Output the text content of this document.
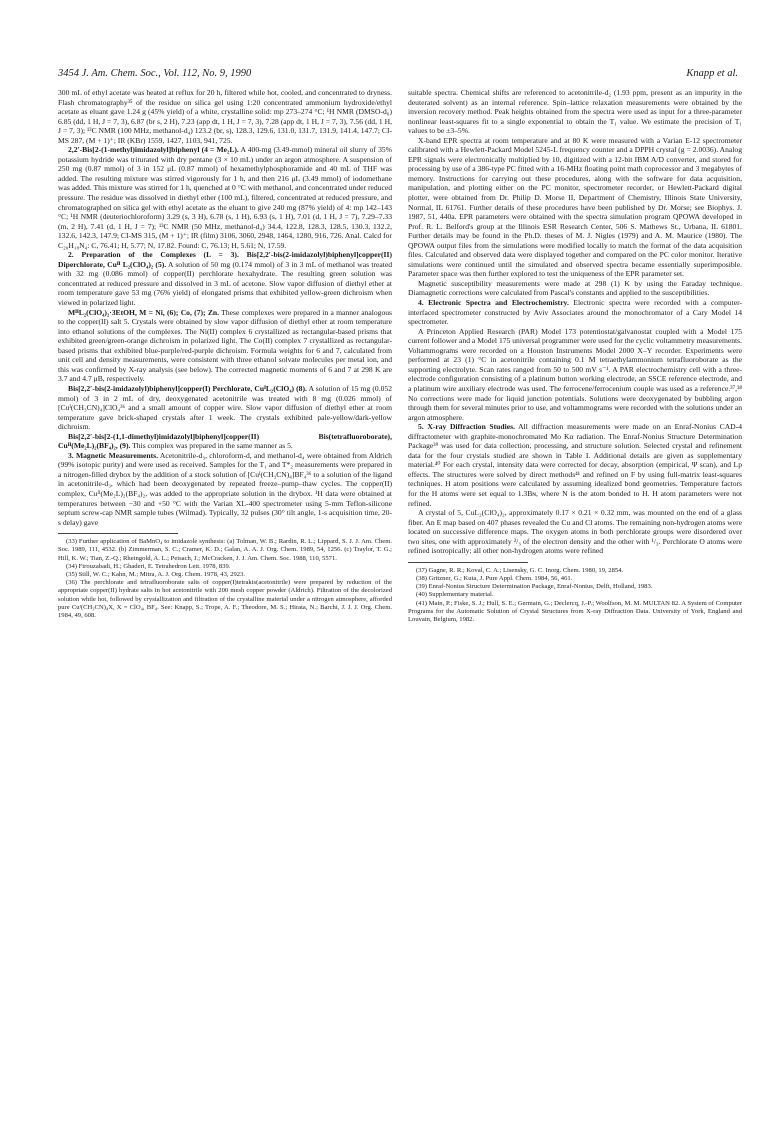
3454 J. Am. Chem. Soc., Vol. 112, No. 9, 1990	Knapp et al.

300 mL of ethyl acetate was heated at reflux for 20 h, filtered while hot, cooled, and concentrated to dryness. Flash chromatography³⁵ of the residue on silica gel using 1:20 concentrated ammonium hydroxide/ethyl acetate as eluant gave 1.24 g (45% yield) of a white, crystalline solid: mp 273–274 °C; ¹H NMR (DMSO-d₆) 6.85 (dd, 1 H, J = 7, 3), 6.87 (br s, 2 H), 7.23 (app dt, 1 H, J = 7, 3), 7.28 (app dt, 1 H, J = 7, 3), 7.56 (dd, 1 H, J = 7, 3); ¹³C NMR (100 MHz, methanol-d₄) 123.2 (br, s), 128.3, 129.6, 131.0, 131.7, 131.9, 141.4, 147.7; CI-MS 287, (M + 1)⁺; IR (KBr) 1559, 1427, 1103, 941, 725.

2,2′-Bis[2-(1-methyl)imidazolyl]biphenyl (4 = Me₂L). A 400-mg (3.49-mmol) mineral oil slurry of 35% potassium hydride was triturated with dry pentane (3 × 10 mL) under an argon atmosphere. A suspension of 250 mg (0.87 mmol) of 3 in 152 μL (0.87 mmol) of hexamethylphosphoramide and 40 mL of THF was added. The resulting mixture was stirred vigorously for 1 h, and then 216 μL (3.49 mmol) of iodomethane was added. This mixture was stirred for 1 h, quenched at 0 °C with methanol, and concentrated under reduced pressure. The residue was dissolved in diethyl ether (100 mL), filtered, concentrated at reduced pressure, and chromatographed on silica gel with ethyl acetate as the eluant to give 240 mg (87% yield) of 4: mp 142–143 °C; ¹H NMR (deuteriochloroform) 3.29 (s, 3 H), 6.78 (s, 1 H), 6.93 (s, 1 H), 7.01 (d, 1 H, J = 7), 7.29–7.33 (m, 2 H), 7.41 (d, 1 H, J = 7); ¹³C NMR (50 MHz, methanol-d₄) 34.4, 122.8, 128.3, 128.5, 130.3, 132.2, 132.6, 142.3, 147.9; CI-MS 315, (M + 1)⁺; IR (film) 3106, 3060, 2948, 1464, 1280, 916, 726. Anal. Calcd for C₂₀H₁₈N₄: C, 76.41; H, 5.77; N, 17.82. Found: C, 76.13; H, 5.61; N, 17.59.

2. Preparation of the Complexes (L = 3). Bis[2,2′-bis(2-imidazolyl)biphenyl]copper(II) Diperchlorate, Cuᴵᴵ L₂(ClO₄)₂ (5). A solution of 50 mg (0.174 mmol) of 3 in 3 mL of methanol was treated with 32 mg (0.086 mmol) of copper(II) perchlorate hexahydrate. The resulting green solution was concentrated at reduced pressure and dissolved in 3 mL of acetone. Slow vapor diffusion of diethyl ether at room temperature gave 53 mg (76% yield) of elongated prisms that exhibited yellow-green dichroism when viewed in polarized light.

MᴵᴵL₂(ClO₄)₂·3EtOH, M = Ni, (6); Co, (7); Zn. These complexes were prepared in a manner analogous to the copper(II) salt 5. Crystals were obtained by slow vapor diffusion of diethyl ether at room temperature into ethanol solutions of the complexes. The Ni(II) complex 6 crystallized as rectangular-based prisms that exhibited green/green-orange dichroism in polarized light. The Co(II) complex 7 crystallized as rectangular-based prisms that exhibited blue-purple/red-purple dichroism. Formula weights for 6 and 7, calculated from unit cell and density measurements, were consistent with three ethanol solvate molecules per metal ion, and this was confirmed by X-ray analysis (see below). The corrected magnetic moments of 6 and 7 at 298 K are 3.7 and 4.7 μB, respectively.

Bis[2,2′-bis(2-imidazolyl)biphenyl]copper(I) Perchlorate, CuᴵL₂(ClO₄) (8). A solution of 15 mg (0.052 mmol) of 3 in 2 mL of dry, deoxygenated acetonitrile was treated with 8 mg (0.026 mmol) of [Cuᴵ(CH₃CN)₄]ClO₄³⁶ and a small amount of copper wire. Slow vapor diffusion of diethyl ether at room temperature gave brick-shaped crystals after 1 week. The crystals exhibited pale-yellow/dark-yellow dichroism.

Bis[2,2′-bis[2-(1,1-dimethyl)imidazolyl]biphenyl]copper(II) Bis(tetrafluoroborate), Cuᴵᴵ(Me₂L)₂(BF₄)₂, (9). This complex was prepared in the same manner as 5.

3. Magnetic Measurements. Acetonitrile-d₃, chloroform-d, and methanol-d₄ were obtained from Aldrich (99% isotopic purity) and were used as received. Samples for the T₁ and T*₂ measurements were prepared in a nitrogen-filled drybox by the addition of a stock solution of [Cuᴵ(CH₃CN)₄]BF₄³⁶ to a solution of the ligand in acetonitrile-d₃, which had been deoxygenated by repeated freeze–pump–thaw cycles. The copper(II) complex, Cuᴵᴵ(Me₂L)₂(BF₄)₂, was added to the appropriate solution in the drybox. ¹H data were obtained at temperatures between −30 and +50 °C with the Varian XL-400 spectrometer using 5-mm Teflon-silicone septum screw-cap NMR sample tubes (Wilmad). Typically, 32 pulses (30° tilt angle, 1-s acquisition time, 20-s delay) gave

(33) Further application of BaMnO₄ to imidazole synthesis: (a) Tolman, W. B.; Rardin, R. L.; Lippard, S. J. J. Am. Chem. Soc. 1989, 111, 4532. (b) Zimmerman, S. C.; Cramer, K. D.; Galan, A. A. J. Org. Chem. 1989, 54, 1256. (c) Traylor, T. G.; Hill, K. W.; Tian, Z.-Q.; Rheingold, A. L.; Peisach, J.; McCracken, J. J. Am. Chem. Soc. 1988, 110, 5571.

(34) Firouzabadi, H.; Ghaderi, E. Tetrahedron Lett. 1978, 839.

(35) Still, W. C.; Kahn, M.; Mitra, A. J. Org. Chem. 1978, 43, 2923.

(36) The perchlorate and tetrafluoroborate salts of copper(I)tetrakis(acetonitrile) were prepared by reduction of the appropriate copper(II) hydrate salts in hot acetonitrile with 200 mesh copper powder (Aldrich). Filtration of the decolorized solution while hot, followed by crystallization and filtration of the crystalline material under a nitrogen atmosphere, afforded pure Cuᴵ(CH₃CN)₄X, X = ClO₄, BF₄. See: Knapp, S.; Trope, A. F.; Theodore, M. S.; Hirata, N.; Barchi, J. J. J. Org. Chem. 1984, 49, 608.

suitable spectra. Chemical shifts are referenced to acetonitrile-d₂ (1.93 ppm, present as an impurity in the deuterated solvent) as an internal reference. Spin–lattice relaxation measurements were obtained by the inversion recovery method. Peak heights obtained from the spectra were used as input for a three-parameter nonlinear least-squares fit to a single exponential to obtain the T₁ value. We estimate the precision of T₁ values to be ±3–5%.

X-band EPR spectra at room temperature and at 80 K were measured with a Varian E-12 spectrometer calibrated with a Hewlett-Packard Model 5245-L frequency counter and a DPPH crystal (g = 2.0036). Analog EPR signals were electronically multiplied by 10, digitized with a 12-bit IBM A/D converter, and stored for processing by use of a 386-type PC fitted with a 16-MHz floating point math coprocessor and 3 megabytes of memory. Instructions for carrying out these procedures, along with the software for data acquisition, manipulation, and plotting either on the PC monitor, spectrometer recorder, or Hewlett-Packard digital plotter, were obtained from Dr. Philip D. Morse II, Department of Chemistry, Illinois State University, Normal, IL 61761. Further details of these procedures have been published by Dr. Morse; see Biophys. J. 1987, 51, 440a. EPR parameters were obtained with the spectra simulation program QPOWA developed in Prof. R. L. Belford's group at the Illinois ESR Research Center, 506 S. Mathews St., Urbana, IL 61801. Further details may be found in the Ph.D. theses of M. J. Nigles (1979) and A. M. Maurice (1980). The QPOWA output files from the simulations were modified locally to match the format of the data acquisition files. Calculated and observed data were displayed together and compared on the PC color monitor. Iterative simulations were continued until the simulated and observed spectra became essentially superimposible. Parameter space was then further explored to test the uniqueness of the EPR parameter set.

Magnetic susceptibility measurements were made at 298 (1) K by using the Faraday technique. Diamagnetic corrections were calculated from Pascal's constants and applied to the susceptibilities.

4. Electronic Spectra and Electrochemistry. Electronic spectra were recorded with a computer-interfaced spectrometer constructed by Aviv Associates around the monochromator of a Cary Model 14 spectrometer.

A Princeton Applied Research (PAR) Model 173 potentiostat/galvanostat coupled with a Model 175 current follower and a Model 175 universal programmer were used for the cyclic voltammetry measurements. Voltammograms were recorded on a Houston Instruments Model 2000 X–Y recorder. Experiments were performed at 23 (1) °C in acetonitrile containing 0.1 M tetraethylammonium tetrafluoroborate as the supporting electrolyte. Scan rates ranged from 50 to 500 mV s⁻¹. A PAR electrochemistry cell with a three-electrode configuration consisting of a platinum button working electrode, an SSCE reference electrode, and a platinum wire auxiliary electrode was used. The ferrocene/ferrocenium couple was used as a reference.³⁷,³⁸ No corrections were made for liquid junction potentials. Solutions were deoxygenated by bubbling argon through them for several minutes prior to use, and voltammograms were recorded with the solutions under an argon atmosphere.

5. X-ray Diffraction Studies. All diffraction measurements were made on an Enraf-Nonius CAD-4 diffractometer with graphite-monochromated Mo Kα radiation. The Enraf-Nonius Structure Determination Package³⁹ was used for data collection, processing, and structure solution. Selected crystal and refinement data for the four crystals studied are shown in Table I. Additional details are given as supplementary material.⁴⁰ For each crystal, intensity data were corrected for decay, absorption (empirical, Ψ scan), and Lp effects. The structures were solved by direct methods⁴¹ and refined on F by using full-matrix least-squares techniques. H atom positions were calculated by assuming idealized bond geometries. Temperature factors for the H atoms were set equal to 1.3Bɴ, where N is the atom bonded to H. H atom parameters were not refined.

A crystal of 5, CuL₂(ClO₄)₂, approximately 0.17 × 0.21 × 0.32 mm, was mounted on the end of a glass fiber. An E map based on 407 phases revealed the Cu and Cl atoms. The remaining non-hydrogen atoms were located on successive difference maps. The oxygen atoms in both perchlorate groups were disordered over two sites, one with approximately ²/₃ of the electron density and the other with ¹/₃. Perchlorate O atoms were refined isotropically; all other non-hydrogen atoms were refined

(37) Gagne, R. R.; Koval, C. A.; Lisensky, G. C. Inorg. Chem. 1980, 19, 2854.

(38) Gritzner, G.; Kuta, J. Pure Appl. Chem. 1984, 56, 461.

(39) Enraf-Nonius Structure Determination Package, Enraf-Nonius, Delft, Holland, 1983.

(40) Supplementary material.

(41) Main, P.; Fiske, S. J.; Hull, S. E.; Germain, G.; Declercq, J.-P.; Woolfson, M. M. MULTAN 82. A System of Computer Programs for the Automatic Solution of Crystal Structures from X-ray Diffraction Data. University of York, England and Louvain, Belgium, 1982.
